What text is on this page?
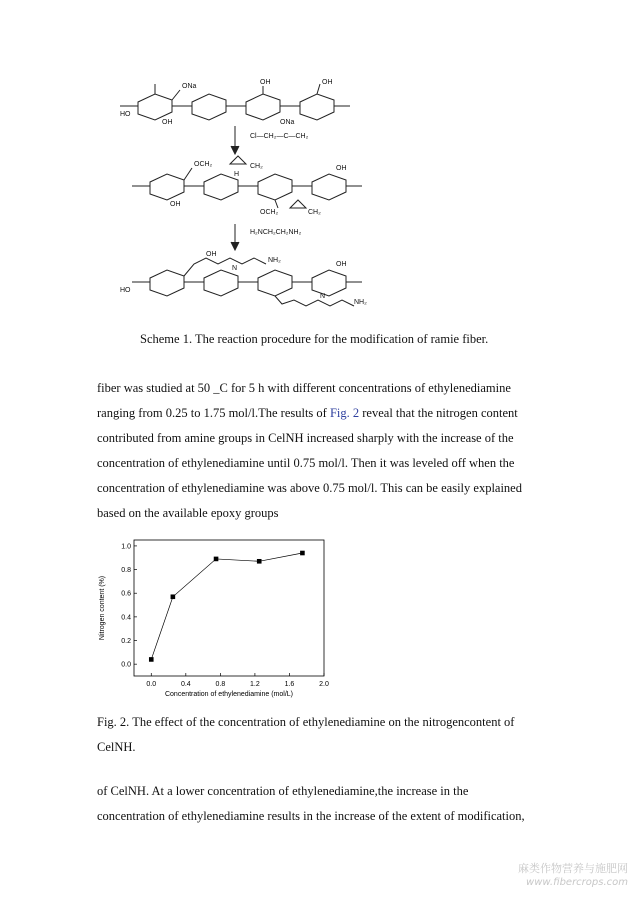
ONa
HO
OH
OH	OH
ONa
Cl—CH₂—C—CH₂
OCH₂	CH₂
H
OH
OH
OCH₂	CH₂
H₂NCH₂CH₂NH₂
OH
N
NH₂
OH
HO
N
NH₂
Scheme 1. The reaction procedure for the modification of ramie fiber.

fiber was studied at 50 _C for 5 h with different concentrations of ethylenediamine

ranging from 0.25 to 1.75 mol/l.The results of Fig. 2 reveal that the nitrogen content

contributed from amine groups in CelNH increased sharply with the increase of the

concentration of ethylenediamine until 0.75 mol/l. Then it was leveled off when the

concentration of ethylenediamine was above 0.75 mol/l. This can be easily explained

based on the available epoxy groups

0.0	0.4	0.8	1.2	1.6	2.0
0.0
0.2
0.4
0.6
0.8
1.0
Concentration of ethylenediamine (mol/L)
Nitrogen content (%)

Fig. 2. The effect of the concentration of ethylenediamine on the nitrogencontent of

CelNH.

of CelNH. At a lower concentration of ethylenediamine,the increase in the

concentration of ethylenediamine results in the increase of the extent of modification,

麻类作物营养与施肥网
www.fibercrops.com
